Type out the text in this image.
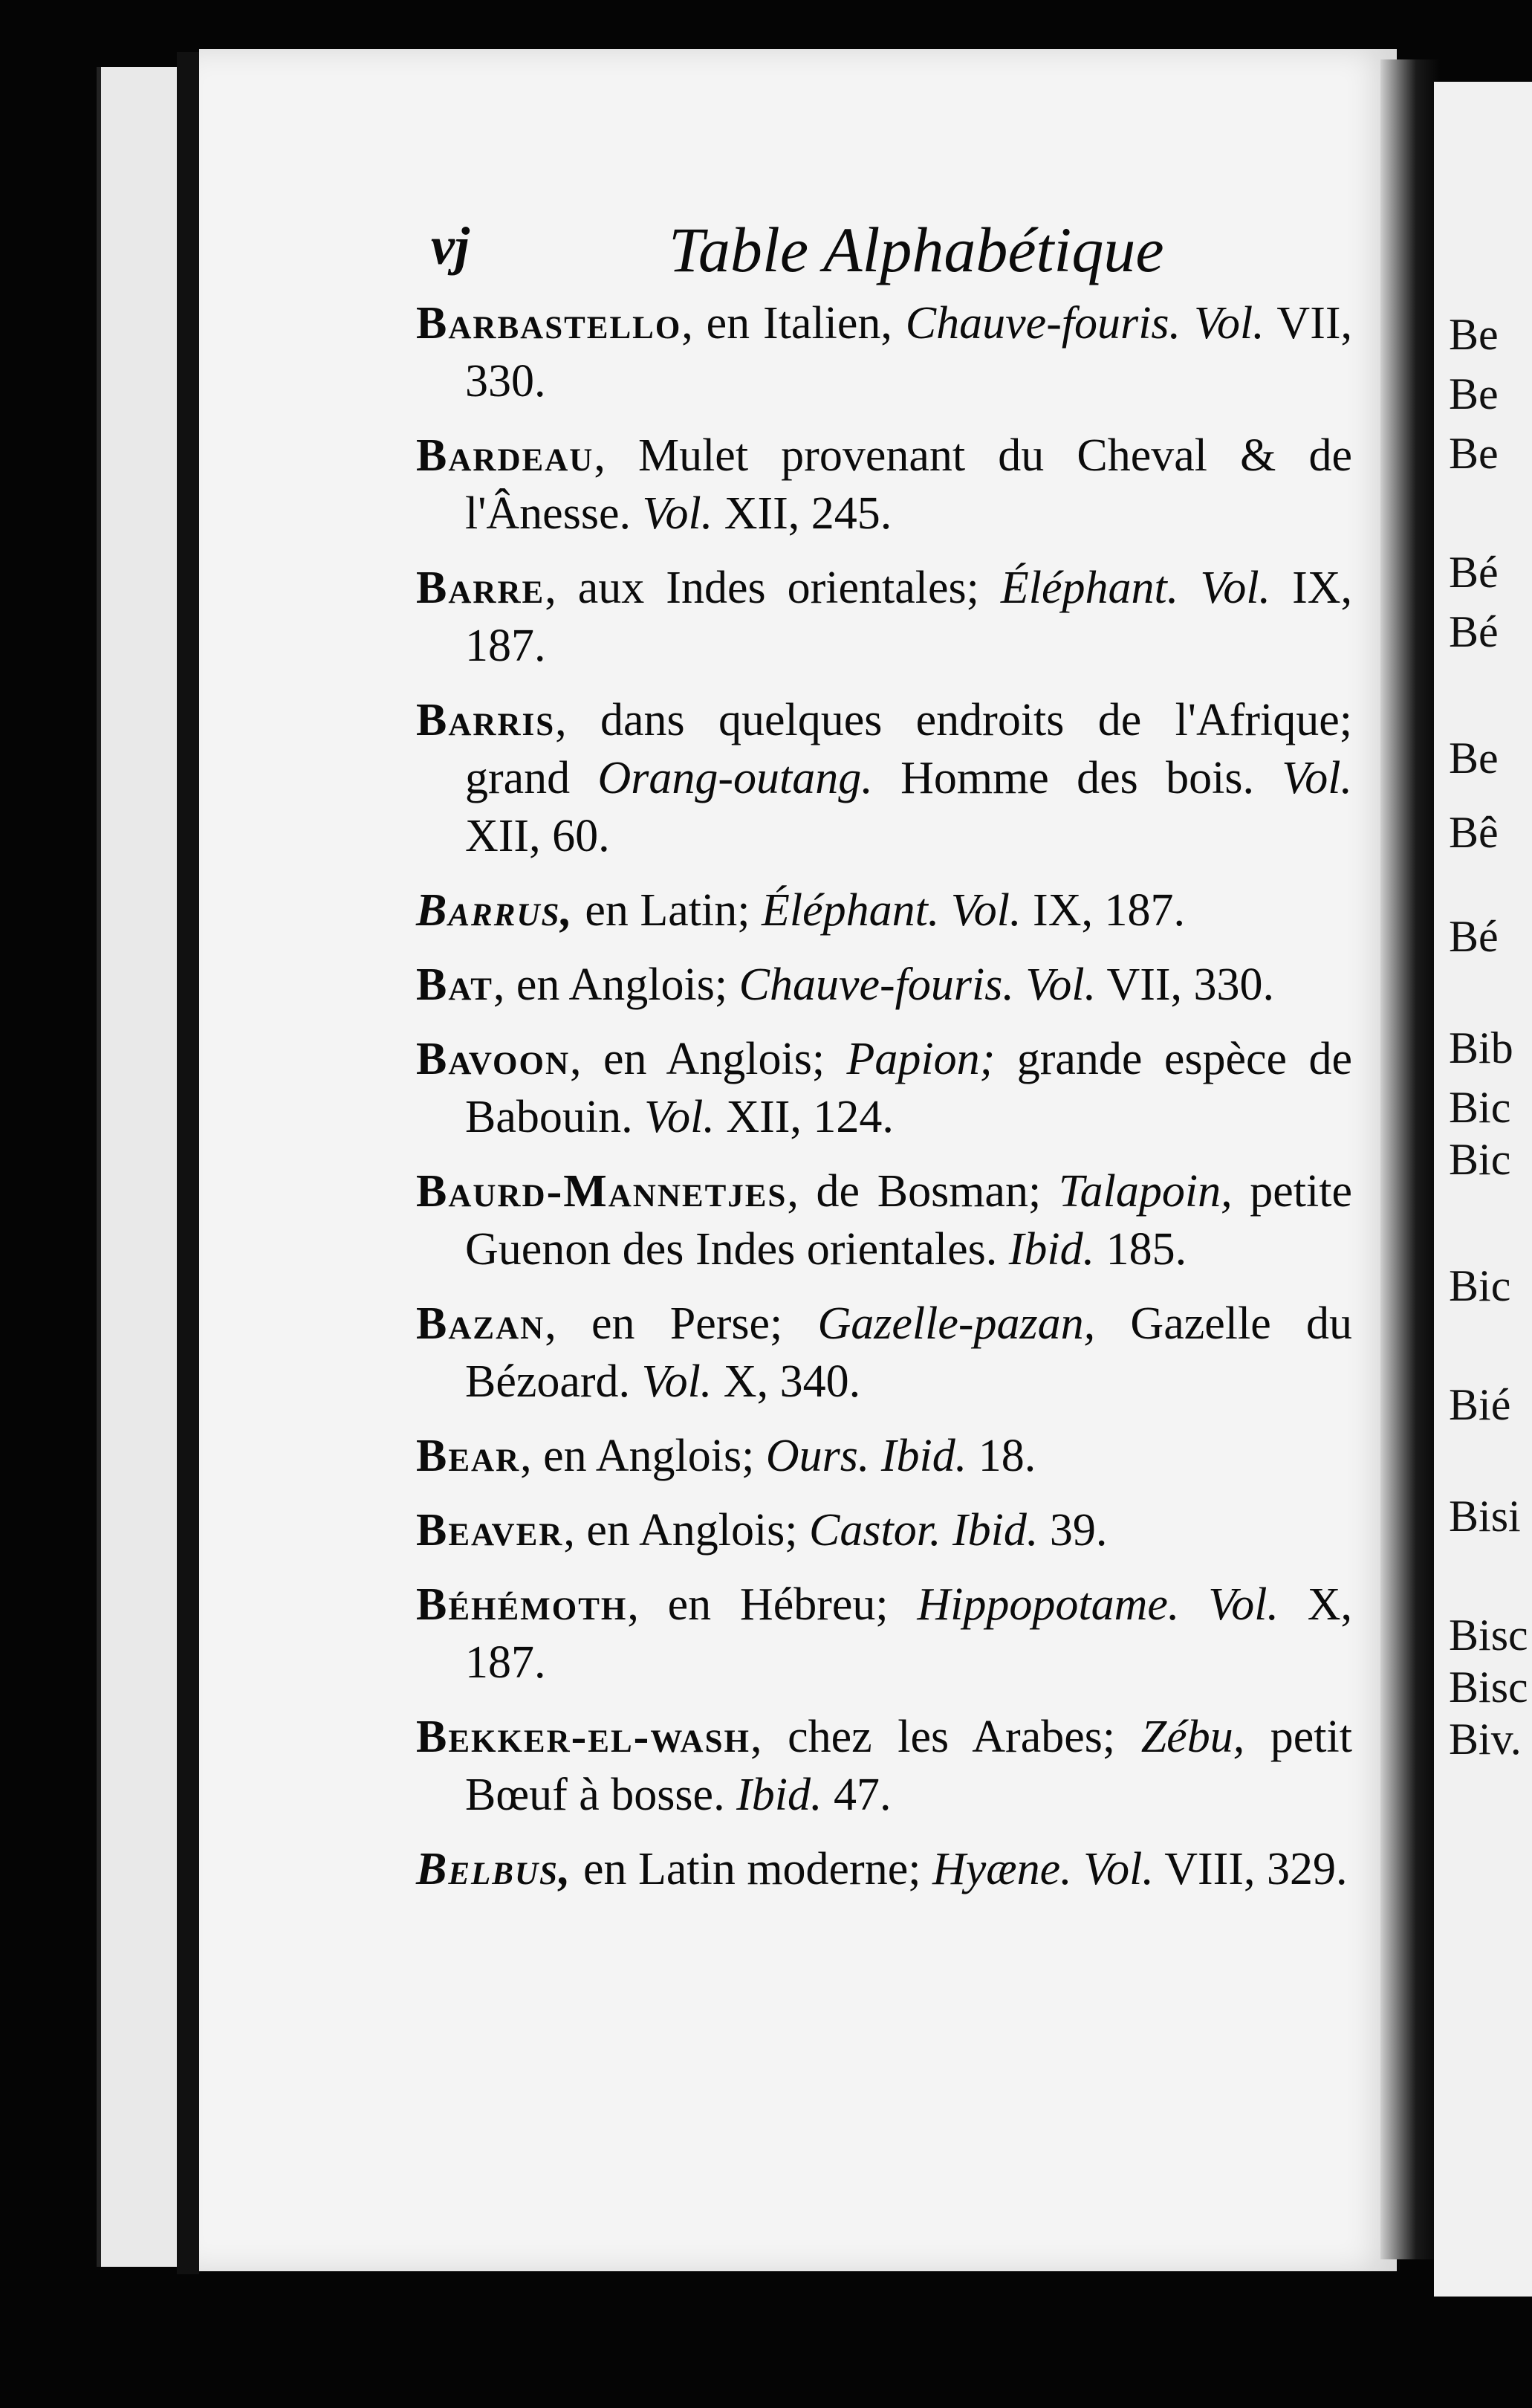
vj	Table Alphabétique

Barbastello, en Italien, Chauve-fouris. Vol. VII, 330.

Bardeau, Mulet provenant du Cheval & de l'Ânesse. Vol. XII, 245.

Barre, aux Indes orientales; Éléphant. Vol. IX, 187.

Barris, dans quelques endroits de l'Afrique; grand Orang-outang. Homme des bois. Vol. XII, 60.

Barrus, en Latin; Éléphant. Vol. IX, 187.

Bat, en Anglois; Chauve-fouris. Vol. VII, 330.

Bavoon, en Anglois; Papion; grande espèce de Babouin. Vol. XII, 124.

Baurd-Mannetjes, de Bosman; Talapoin, petite Guenon des Indes orientales. Ibid. 185.

Bazan, en Perse; Gazelle-pazan, Gazelle du Bézoard. Vol. X, 340.

Bear, en Anglois; Ours. Ibid. 18.

Beaver, en Anglois; Castor. Ibid. 39.

Béhémoth, en Hébreu; Hippopotame. Vol. X, 187.

Bekker-el-wash, chez les Arabes; Zébu, petit Bœuf à bosse. Ibid. 47.

Belbus, en Latin moderne; Hyæne. Vol. VIII, 329.

Be
Be
Be
Bé
Bé
Be
Bê
Bé
Bib
Bic
Bic
Bic
Bié
Bisi
Bisc
Bisc
Biv.
